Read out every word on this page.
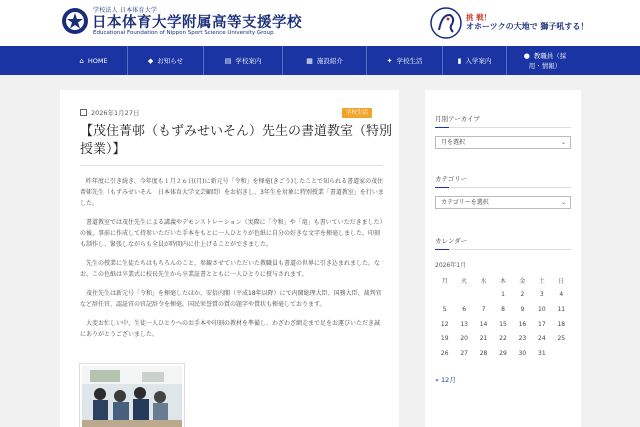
学校法人 日本体育大学
日本体育大学附属高等支援学校
Educational Foundation of Nippon Sport Science University Group
挑 戦！
オホーツクの大地で 獅子吼する！
⌂ HOME	◆ お知らせ	▤ 学校案内	▦ 施設紹介	✦ 学校生活	▮ 入学案内
● 教職員（採
用・情報）
2026年1月27日	学校生活
【茂住菁邨（もずみせいそん）先生の書道教室（特別授業）】

昨年度に引き続き、今年度も１月２６日(月)に新元号「令和」を揮毫(きごう)したことで知られる書道家の茂住菁邨先生（もずみせいそん　日本体育大学文芸顧問）をお招きし、3年生を対象に特別授業「書道教室」を行いました。

書道教室では茂住先生による講義やデモンストレーション（実際に「令和」や「竜」も書いていただきました）の後、事前に作成して持参いただいた手本をもとに一人ひとりが色紙に自分の好きな文字を揮毫しました。印刻も制作し、緊張しながらも全員が時間内に仕上げることができました。

先生の授業に生徒たちはもちろんのこと、参観させていただいた教職員も書道の世界に引き込まれました。なお、この色紙は卒業式に校長先生から卒業証書とともに一人ひとりに授与されます。

茂住先生は新元号「令和」を揮毫したほか、安倍内閣（平成18年以降）にて内閣総理大臣、国務大臣、裁判官など辞任官、認証官の官記辞令を揮毫。国民栄誉賞の賞の題字や賞状も揮毫しております。

大変お忙しい中、生徒一人ひとりへのお手本や印刻の教材を準備し、わざわざ網走まで足をお運びいただき誠にありがとうございました。

月別アーカイブ
月を選択	⌄
カテゴリー
カテゴリーを選択	⌄
カレンダー
2026年1月
月	火	水	木	金	土	日
			1	2	3	4
5	6	7	8	9	10	11
12	13	14	15	16	17	18
19	20	21	22	23	24	25
26	27	28	29	30	31	
« 12月
